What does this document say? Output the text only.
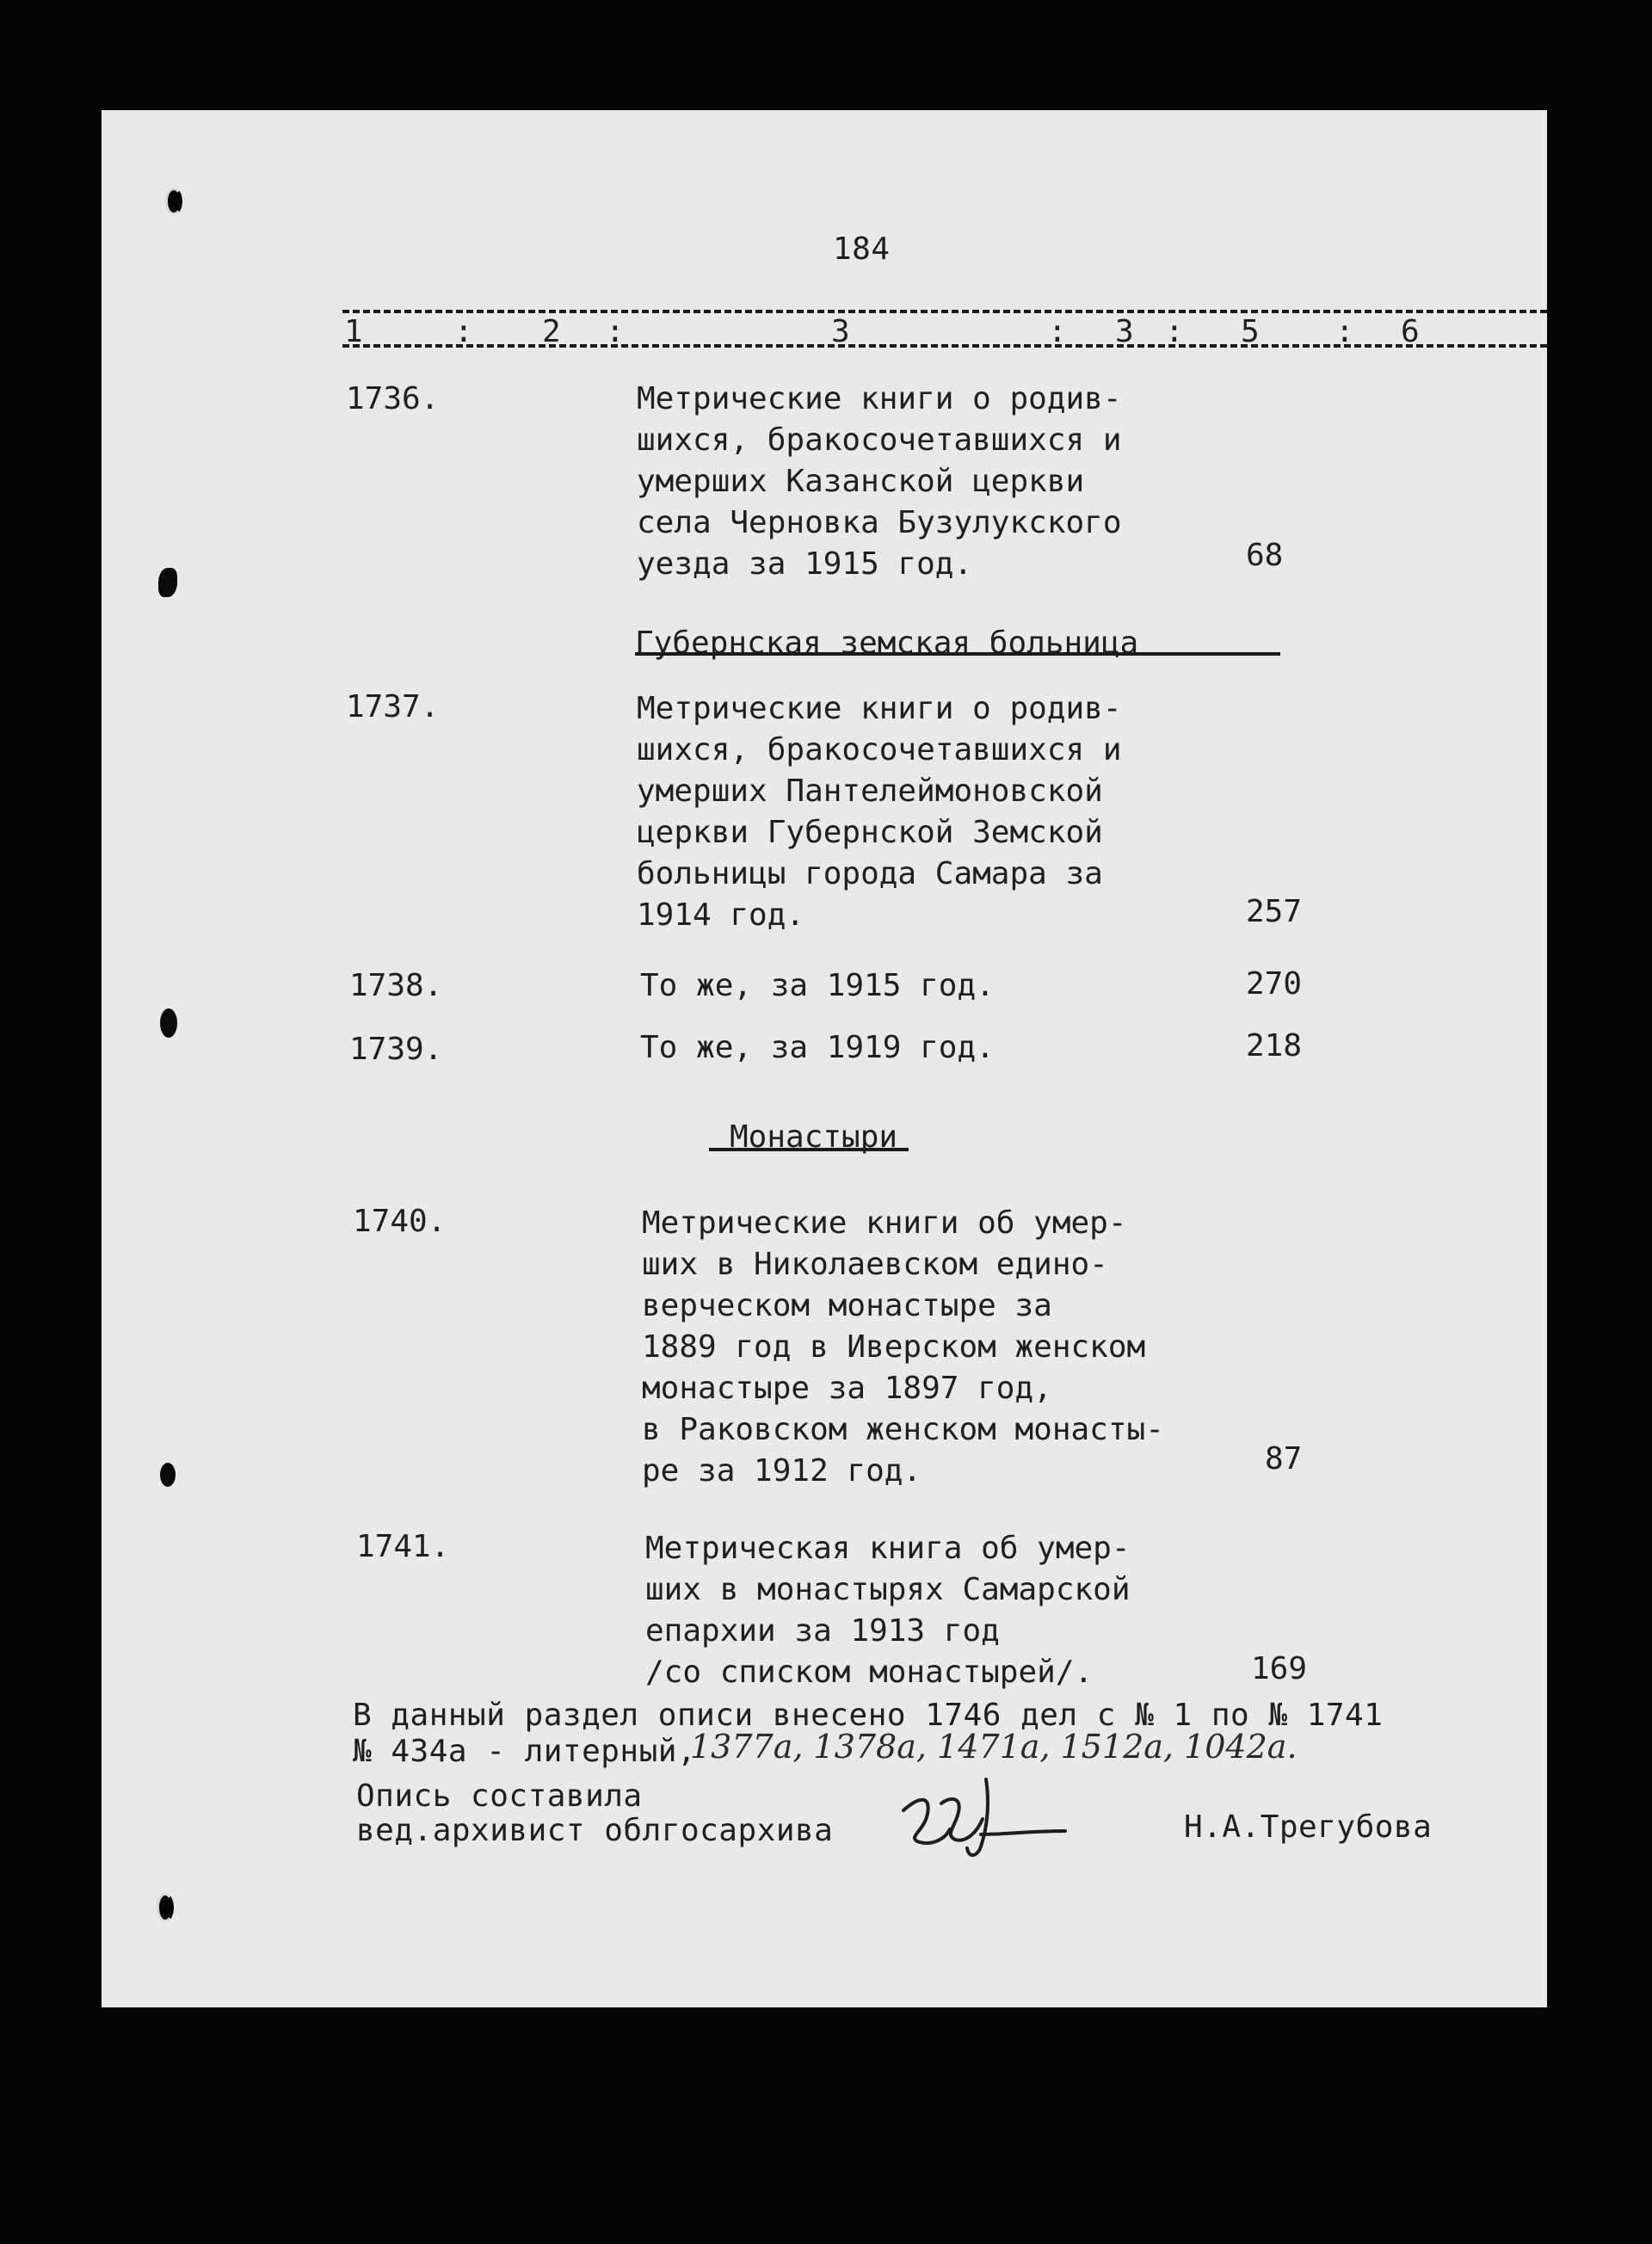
184
1	: 2 :	3	: 3 : 5 : 6
1736.	Метрические книги о родив-
шихся, бракосочетавшихся и
умерших Казанской церкви
села Черновка Бузулукского
уезда за 1915 год.	68
Губернская земская больница
1737.	Метрические книги о родив-
шихся, бракосочетавшихся и
умерших Пантелеймоновской
церкви Губернской Земской
больницы города Самара за
1914 год.	257
1738.	То же, за 1915 год.	270
1739.	То же, за 1919 год.	218
Монастыри
1740.	Метрические книги об умер-
ших в Николаевском едино-
верческом монастыре за
1889 год в Иверском женском
монастыре за 1897 год,
в Раковском женском монасты-
ре за 1912 год.	87
1741.	Метрическая книга об умер-
ших в монастырях Самарской
епархии за 1913 год
/со списком монастырей/.	169
В данный раздел описи внесено 1746 дел с № 1 по № 1741
№ 434а - литерный,
1377а, 1378а, 1471а, 1512а, 1042а.
Опись составила
вед.архивист облгосархива	Н.А.Трегубова
